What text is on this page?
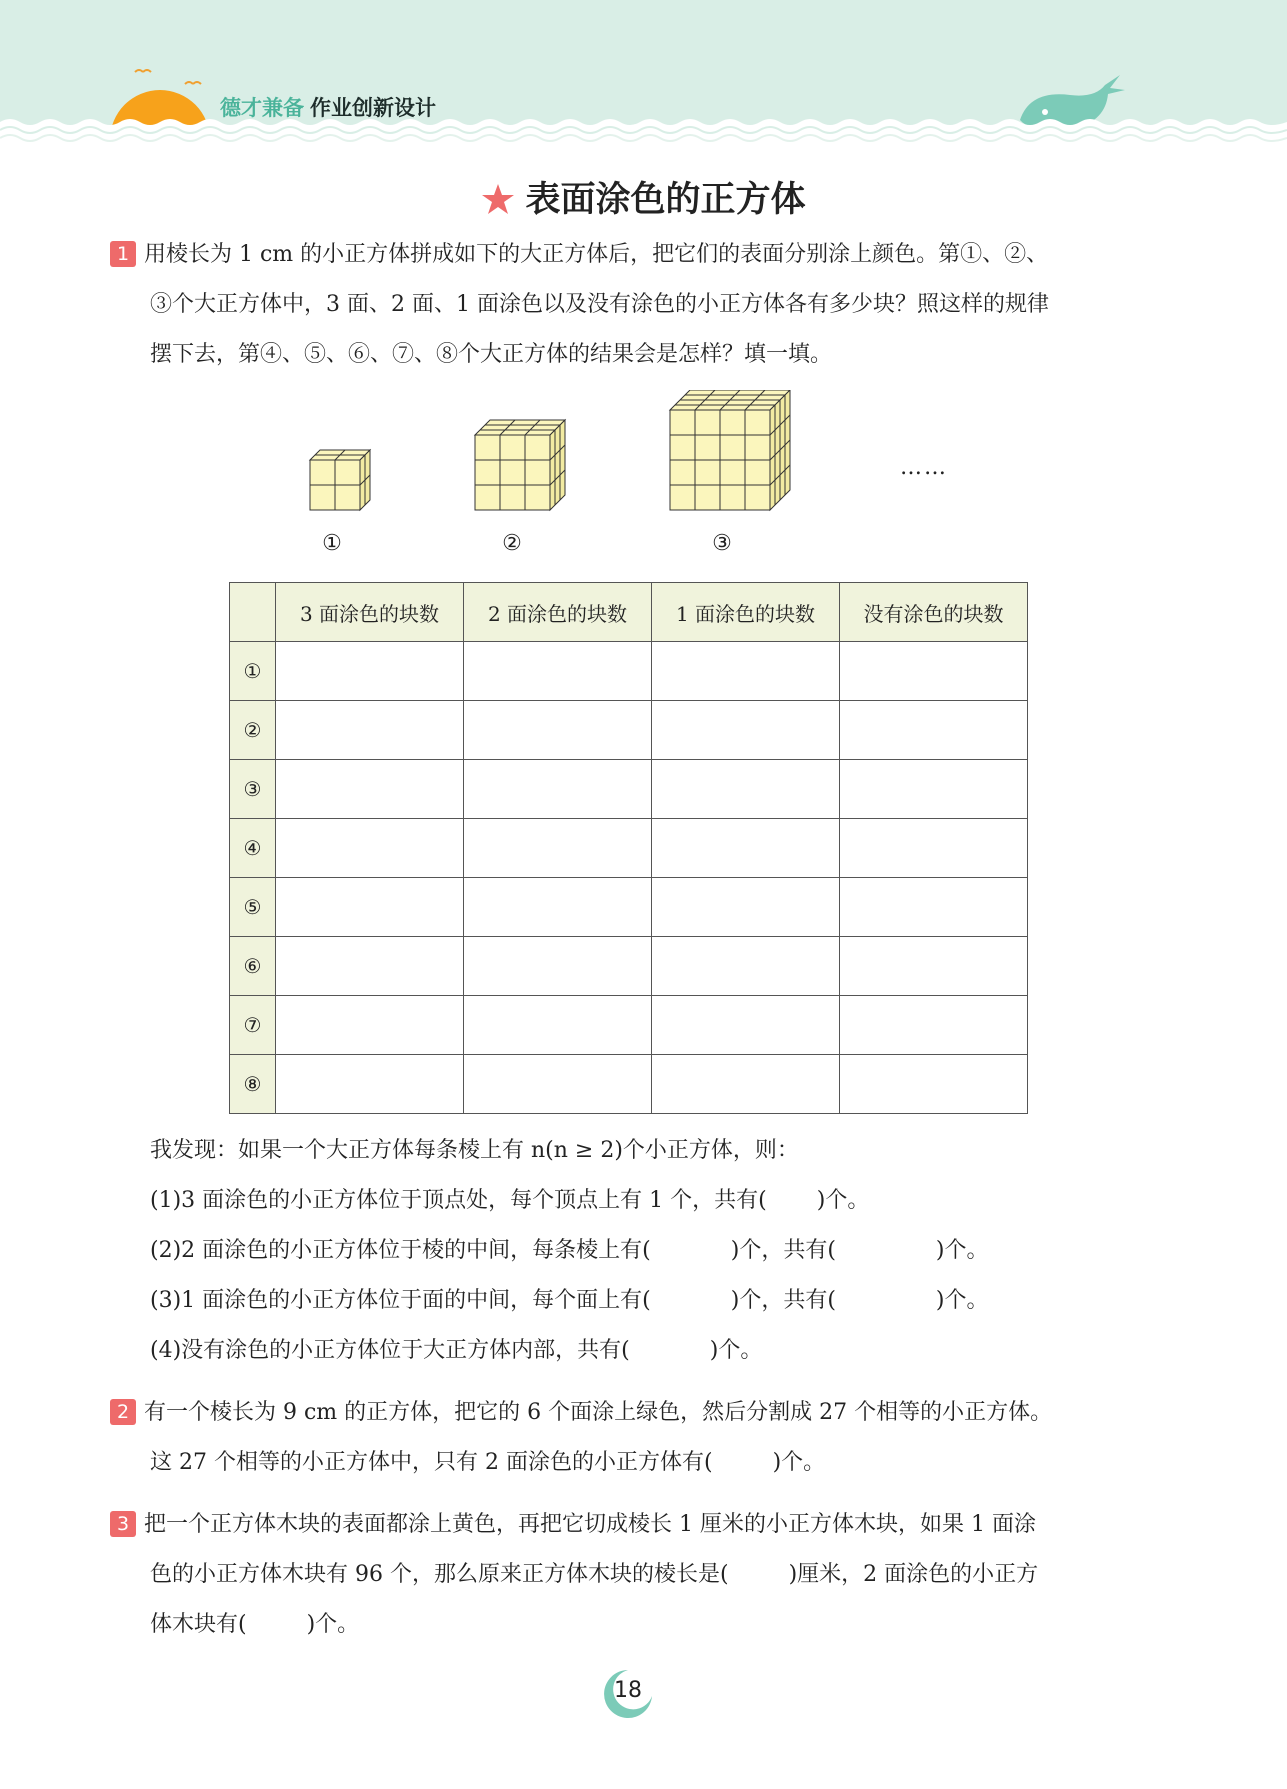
德才兼备 作业创新设计
表面涂色的正方体
1 用棱长为 1 cm 的小正方体拼成如下的大正方体后，把它们的表面分别涂上颜色。第①、②、
③个大正方体中，3 面、2 面、1 面涂色以及没有涂色的小正方体各有多少块？照这样的规律
摆下去，第④、⑤、⑥、⑦、⑧个大正方体的结果会是怎样？填一填。
①	②	③
……
	3 面涂色的块数	2 面涂色的块数	1 面涂色的块数	没有涂色的块数
①				
②				
③				
④				
⑤				
⑥				
⑦				
⑧				
我发现：如果一个大正方体每条棱上有 n(n ≥ 2)个小正方体，则：
(1)3 面涂色的小正方体位于顶点处，每个顶点上有 1 个，共有( )个。
(2)2 面涂色的小正方体位于棱的中间，每条棱上有(	)个，共有(	)个。
(3)1 面涂色的小正方体位于面的中间，每个面上有(	)个，共有(	)个。
(4)没有涂色的小正方体位于大正方体内部，共有(	)个。
2 有一个棱长为 9 cm 的正方体，把它的 6 个面涂上绿色，然后分割成 27 个相等的小正方体。
这 27 个相等的小正方体中，只有 2 面涂色的小正方体有(	)个。
3 把一个正方体木块的表面都涂上黄色，再把它切成棱长 1 厘米的小正方体木块，如果 1 面涂
色的小正方体木块有 96 个，那么原来正方体木块的棱长是(	)厘米，2 面涂色的小正方
体木块有(	)个。
18
